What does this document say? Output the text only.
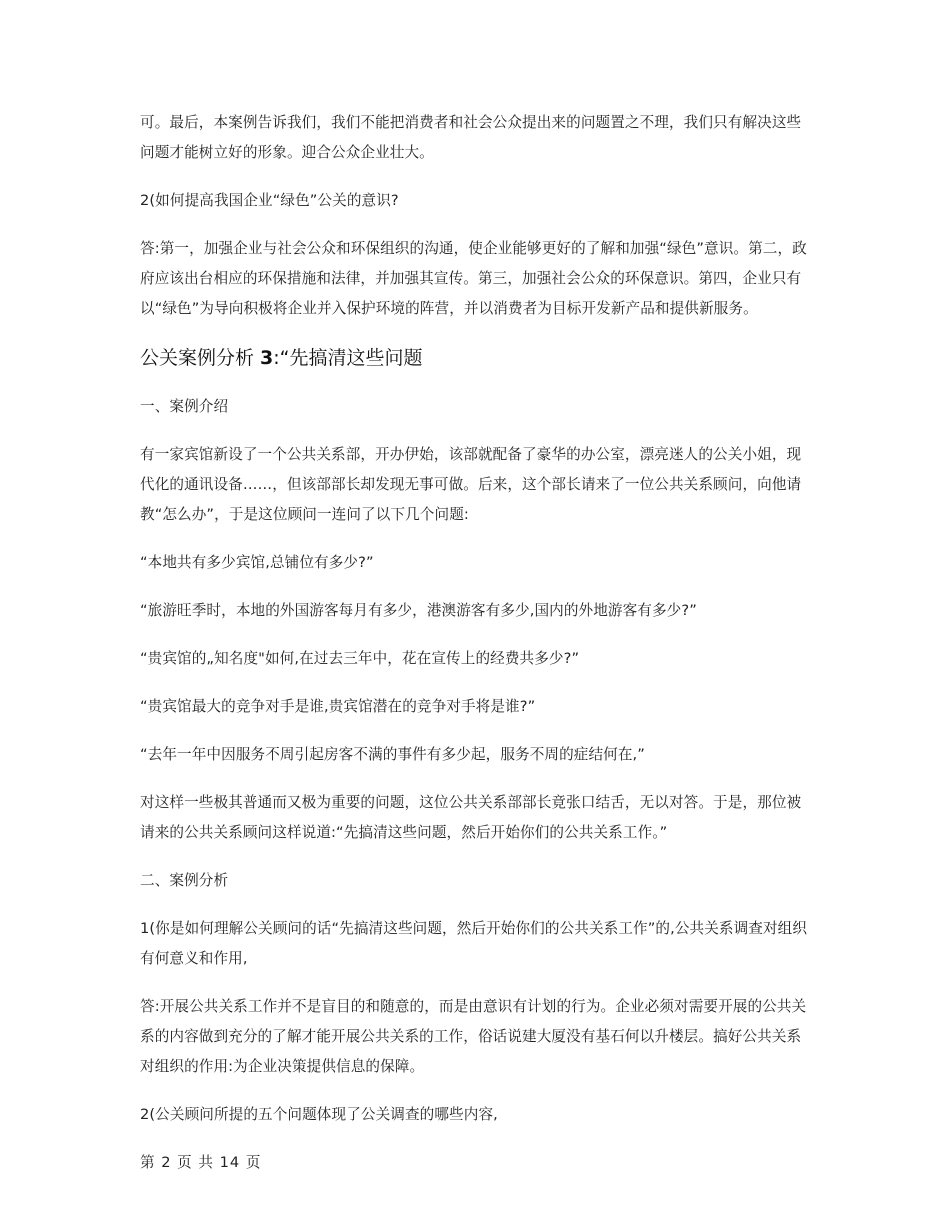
可。最后，本案例告诉我们，我们不能把消费者和社会公众提出来的问题置之不理，我们只有解决这些问题才能树立好的形象。迎合公众企业壮大。

2(如何提高我国企业“绿色”公关的意识?

答:第一，加强企业与社会公众和环保组织的沟通，使企业能够更好的了解和加强“绿色”意识。第二，政府应该出台相应的环保措施和法律，并加强其宣传。第三，加强社会公众的环保意识。第四，企业只有以“绿色”为导向积极将企业并入保护环境的阵营，并以消费者为目标开发新产品和提供新服务。

公关案例分析 3:“先搞清这些问题

一、案例介绍

有一家宾馆新设了一个公共关系部，开办伊始，该部就配备了豪华的办公室，漂亮迷人的公关小姐，现代化的通讯设备……，但该部部长却发现无事可做。后来，这个部长请来了一位公共关系顾问，向他请教“怎么办”，于是这位顾问一连问了以下几个问题:

“本地共有多少宾馆,总铺位有多少?”

“旅游旺季时，本地的外国游客每月有多少，港澳游客有多少,国内的外地游客有多少?”

“贵宾馆的„知名度"如何,在过去三年中，花在宣传上的经费共多少?”

“贵宾馆最大的竞争对手是谁,贵宾馆潜在的竞争对手将是谁?”

“去年一年中因服务不周引起房客不满的事件有多少起，服务不周的症结何在,”

对这样一些极其普通而又极为重要的问题，这位公共关系部部长竟张口结舌，无以对答。于是，那位被请来的公共关系顾问这样说道:“先搞清这些问题，然后开始你们的公共关系工作。”

二、案例分析

1(你是如何理解公关顾问的话“先搞清这些问题，然后开始你们的公共关系工作”的,公共关系调查对组织有何意义和作用,

答:开展公共关系工作并不是盲目的和随意的，而是由意识有计划的行为。企业必须对需要开展的公共关系的内容做到充分的了解才能开展公共关系的工作，俗话说建大厦没有基石何以升楼层。搞好公共关系对组织的作用:为企业决策提供信息的保障。

2(公关顾问所提的五个问题体现了公关调查的哪些内容,

第 2 页 共 14 页
